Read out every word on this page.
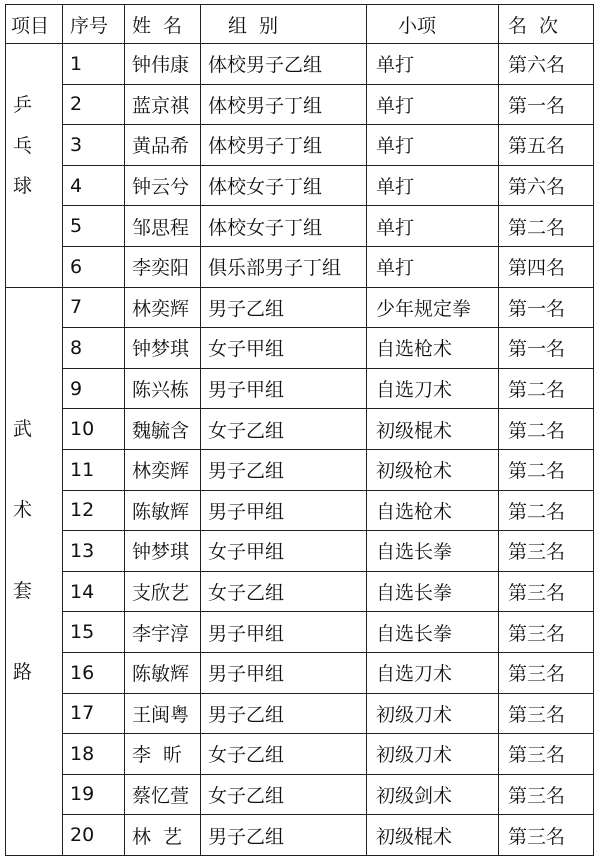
项目	序号	姓 名	组 别	小项	名 次

乒乓球	1	钟伟康	体校男子乙组	单打	第六名
	2	蓝京祺	体校男子丁组	单打	第一名
	3	黄品希	体校男子丁组	单打	第五名
	4	钟云兮	体校女子丁组	单打	第六名
	5	邹思程	体校女子丁组	单打	第二名
	6	李奕阳	俱乐部男子丁组	单打	第四名

武术套路	7	林奕辉	男子乙组	少年规定拳	第一名
	8	钟梦琪	女子甲组	自选枪术	第一名
	9	陈兴栋	男子甲组	自选刀术	第二名
	10	魏毓含	女子乙组	初级棍术	第二名
	11	林奕辉	男子乙组	初级枪术	第二名
	12	陈敏辉	男子甲组	自选枪术	第二名
	13	钟梦琪	女子甲组	自选长拳	第三名
	14	支欣艺	女子乙组	自选长拳	第三名
	15	李宇淳	男子甲组	自选长拳	第三名
	16	陈敏辉	男子甲组	自选刀术	第三名
	17	王闽粤	男子乙组	初级刀术	第三名
	18	李 昕	女子乙组	初级刀术	第三名
	19	蔡忆萱	女子乙组	初级剑术	第三名
	20	林 艺	男子乙组	初级棍术	第三名
